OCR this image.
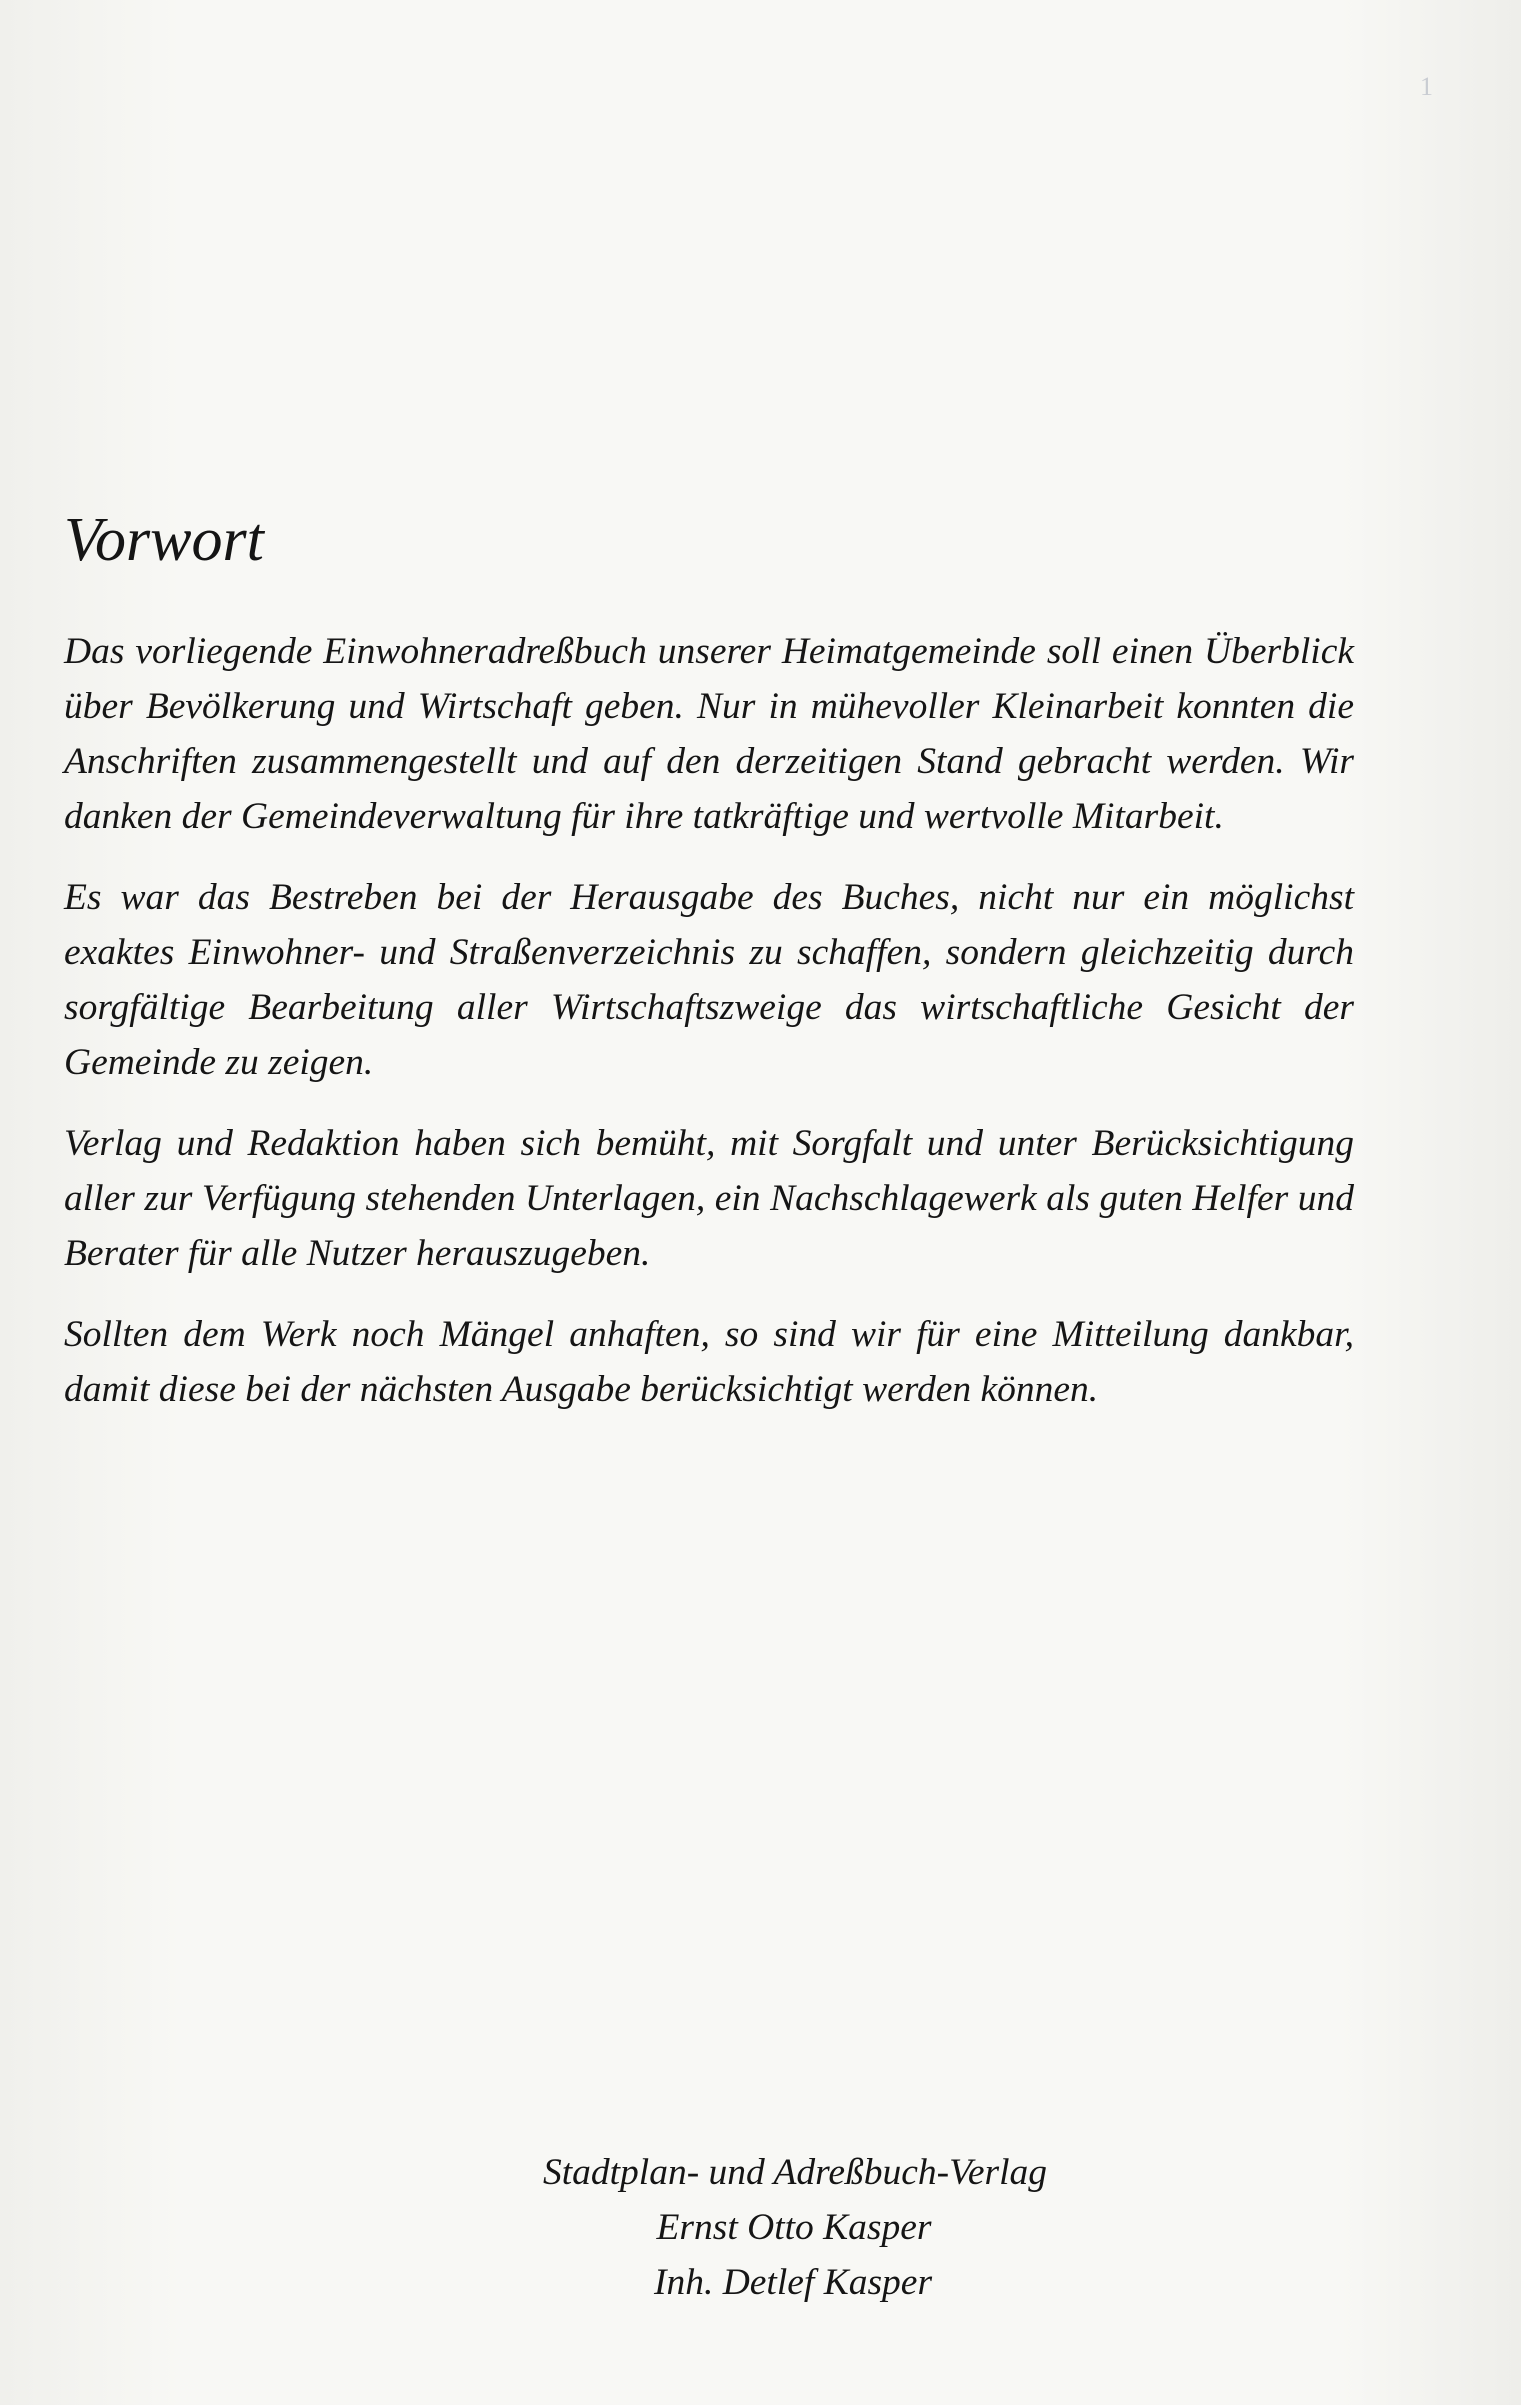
1
Vorwort

Das vorliegende Einwohneradreßbuch unserer Heimatgemeinde soll einen Überblick über Bevölkerung und Wirtschaft geben. Nur in mühevoller Kleinarbeit konnten die Anschriften zusammengestellt und auf den derzeitigen Stand gebracht werden. Wir danken der Gemeindeverwaltung für ihre tatkräftige und wertvolle Mitarbeit.

Es war das Bestreben bei der Herausgabe des Buches, nicht nur ein möglichst exaktes Einwohner- und Straßenverzeichnis zu schaffen, sondern gleichzeitig durch sorgfältige Bearbeitung aller Wirtschaftszweige das wirtschaftliche Gesicht der Gemeinde zu zeigen.

Verlag und Redaktion haben sich bemüht, mit Sorgfalt und unter Berücksichtigung aller zur Verfügung stehenden Unterlagen, ein Nachschlagewerk als guten Helfer und Berater für alle Nutzer herauszugeben.

Sollten dem Werk noch Mängel anhaften, so sind wir für eine Mitteilung dankbar, damit diese bei der nächsten Ausgabe berücksichtigt werden können.

Stadtplan- und Adreßbuch-Verlag
Ernst Otto Kasper
Inh. Detlef Kasper
